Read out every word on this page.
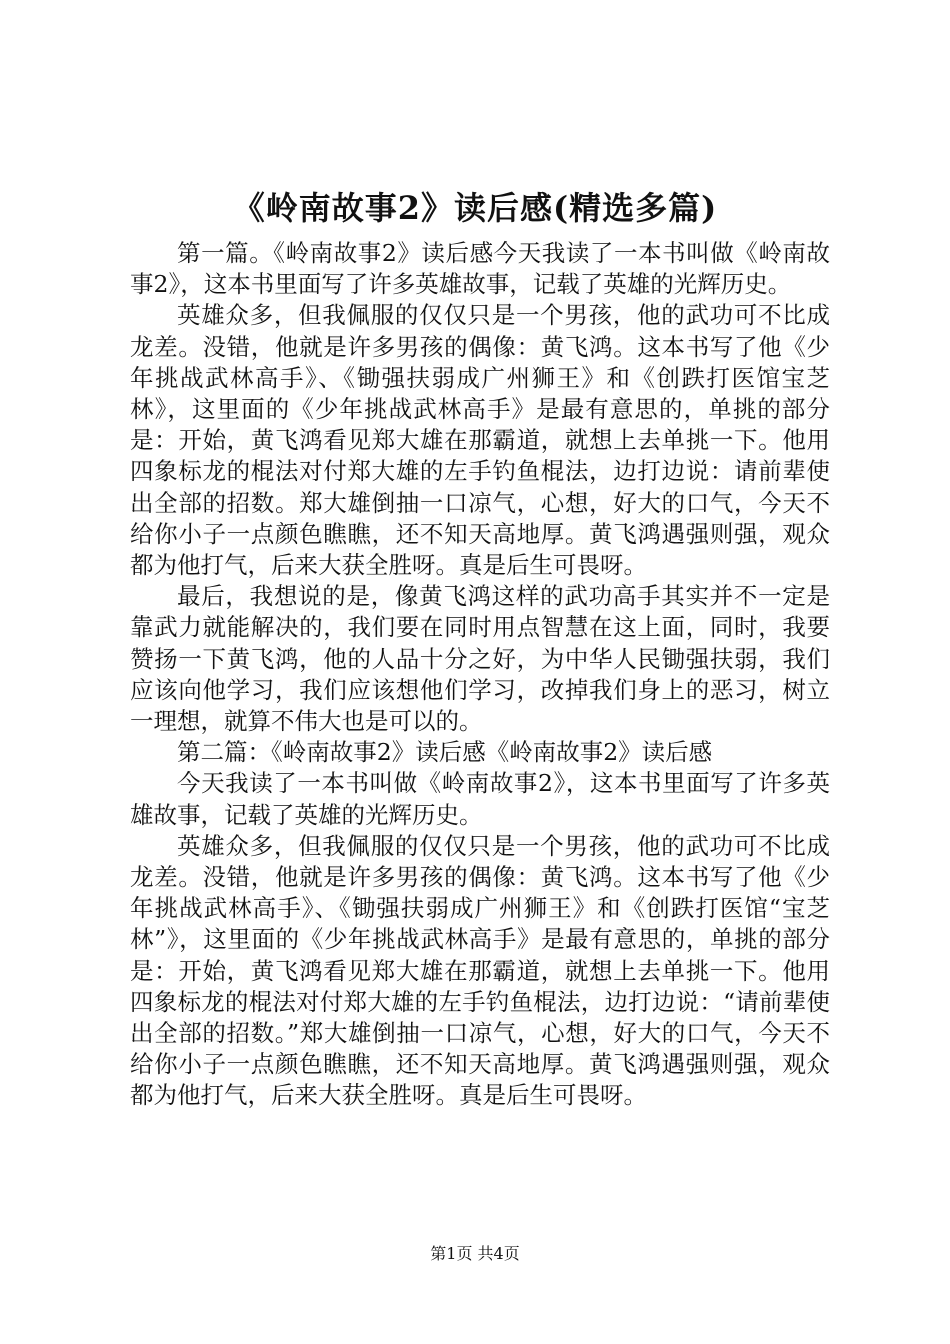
《岭南故事2》读后感(精选多篇)

第一篇。《岭南故事2》读后感今天我读了一本书叫做《岭南故事2》，这本书里面写了许多英雄故事，记载了英雄的光辉历史。

英雄众多，但我佩服的仅仅只是一个男孩，他的武功可不比成龙差。没错，他就是许多男孩的偶像：黄飞鸿。这本书写了他《少年挑战武林高手》、《锄强扶弱成广州狮王》和《创跌打医馆宝芝林》，这里面的《少年挑战武林高手》是最有意思的，单挑的部分是：开始，黄飞鸿看见郑大雄在那霸道，就想上去单挑一下。他用四象标龙的棍法对付郑大雄的左手钓鱼棍法，边打边说：请前辈使出全部的招数。郑大雄倒抽一口凉气，心想，好大的口气，今天不给你小子一点颜色瞧瞧，还不知天高地厚。黄飞鸿遇强则强，观众都为他打气，后来大获全胜呀。真是后生可畏呀。

最后，我想说的是，像黄飞鸿这样的武功高手其实并不一定是靠武力就能解决的，我们要在同时用点智慧在这上面，同时，我要赞扬一下黄飞鸿，他的人品十分之好，为中华人民锄强扶弱，我们应该向他学习，我们应该想他们学习，改掉我们身上的恶习，树立一理想，就算不伟大也是可以的。

第二篇：《岭南故事2》读后感《岭南故事2》读后感

今天我读了一本书叫做《岭南故事2》，这本书里面写了许多英雄故事，记载了英雄的光辉历史。

英雄众多，但我佩服的仅仅只是一个男孩，他的武功可不比成龙差。没错，他就是许多男孩的偶像：黄飞鸿。这本书写了他《少年挑战武林高手》、《锄强扶弱成广州狮王》和《创跌打医馆“宝芝林”》，这里面的《少年挑战武林高手》是最有意思的，单挑的部分是：开始，黄飞鸿看见郑大雄在那霸道，就想上去单挑一下。他用四象标龙的棍法对付郑大雄的左手钓鱼棍法，边打边说：“请前辈使出全部的招数。”郑大雄倒抽一口凉气，心想，好大的口气，今天不给你小子一点颜色瞧瞧，还不知天高地厚。黄飞鸿遇强则强，观众都为他打气，后来大获全胜呀。真是后生可畏呀。

第1页 共4页
